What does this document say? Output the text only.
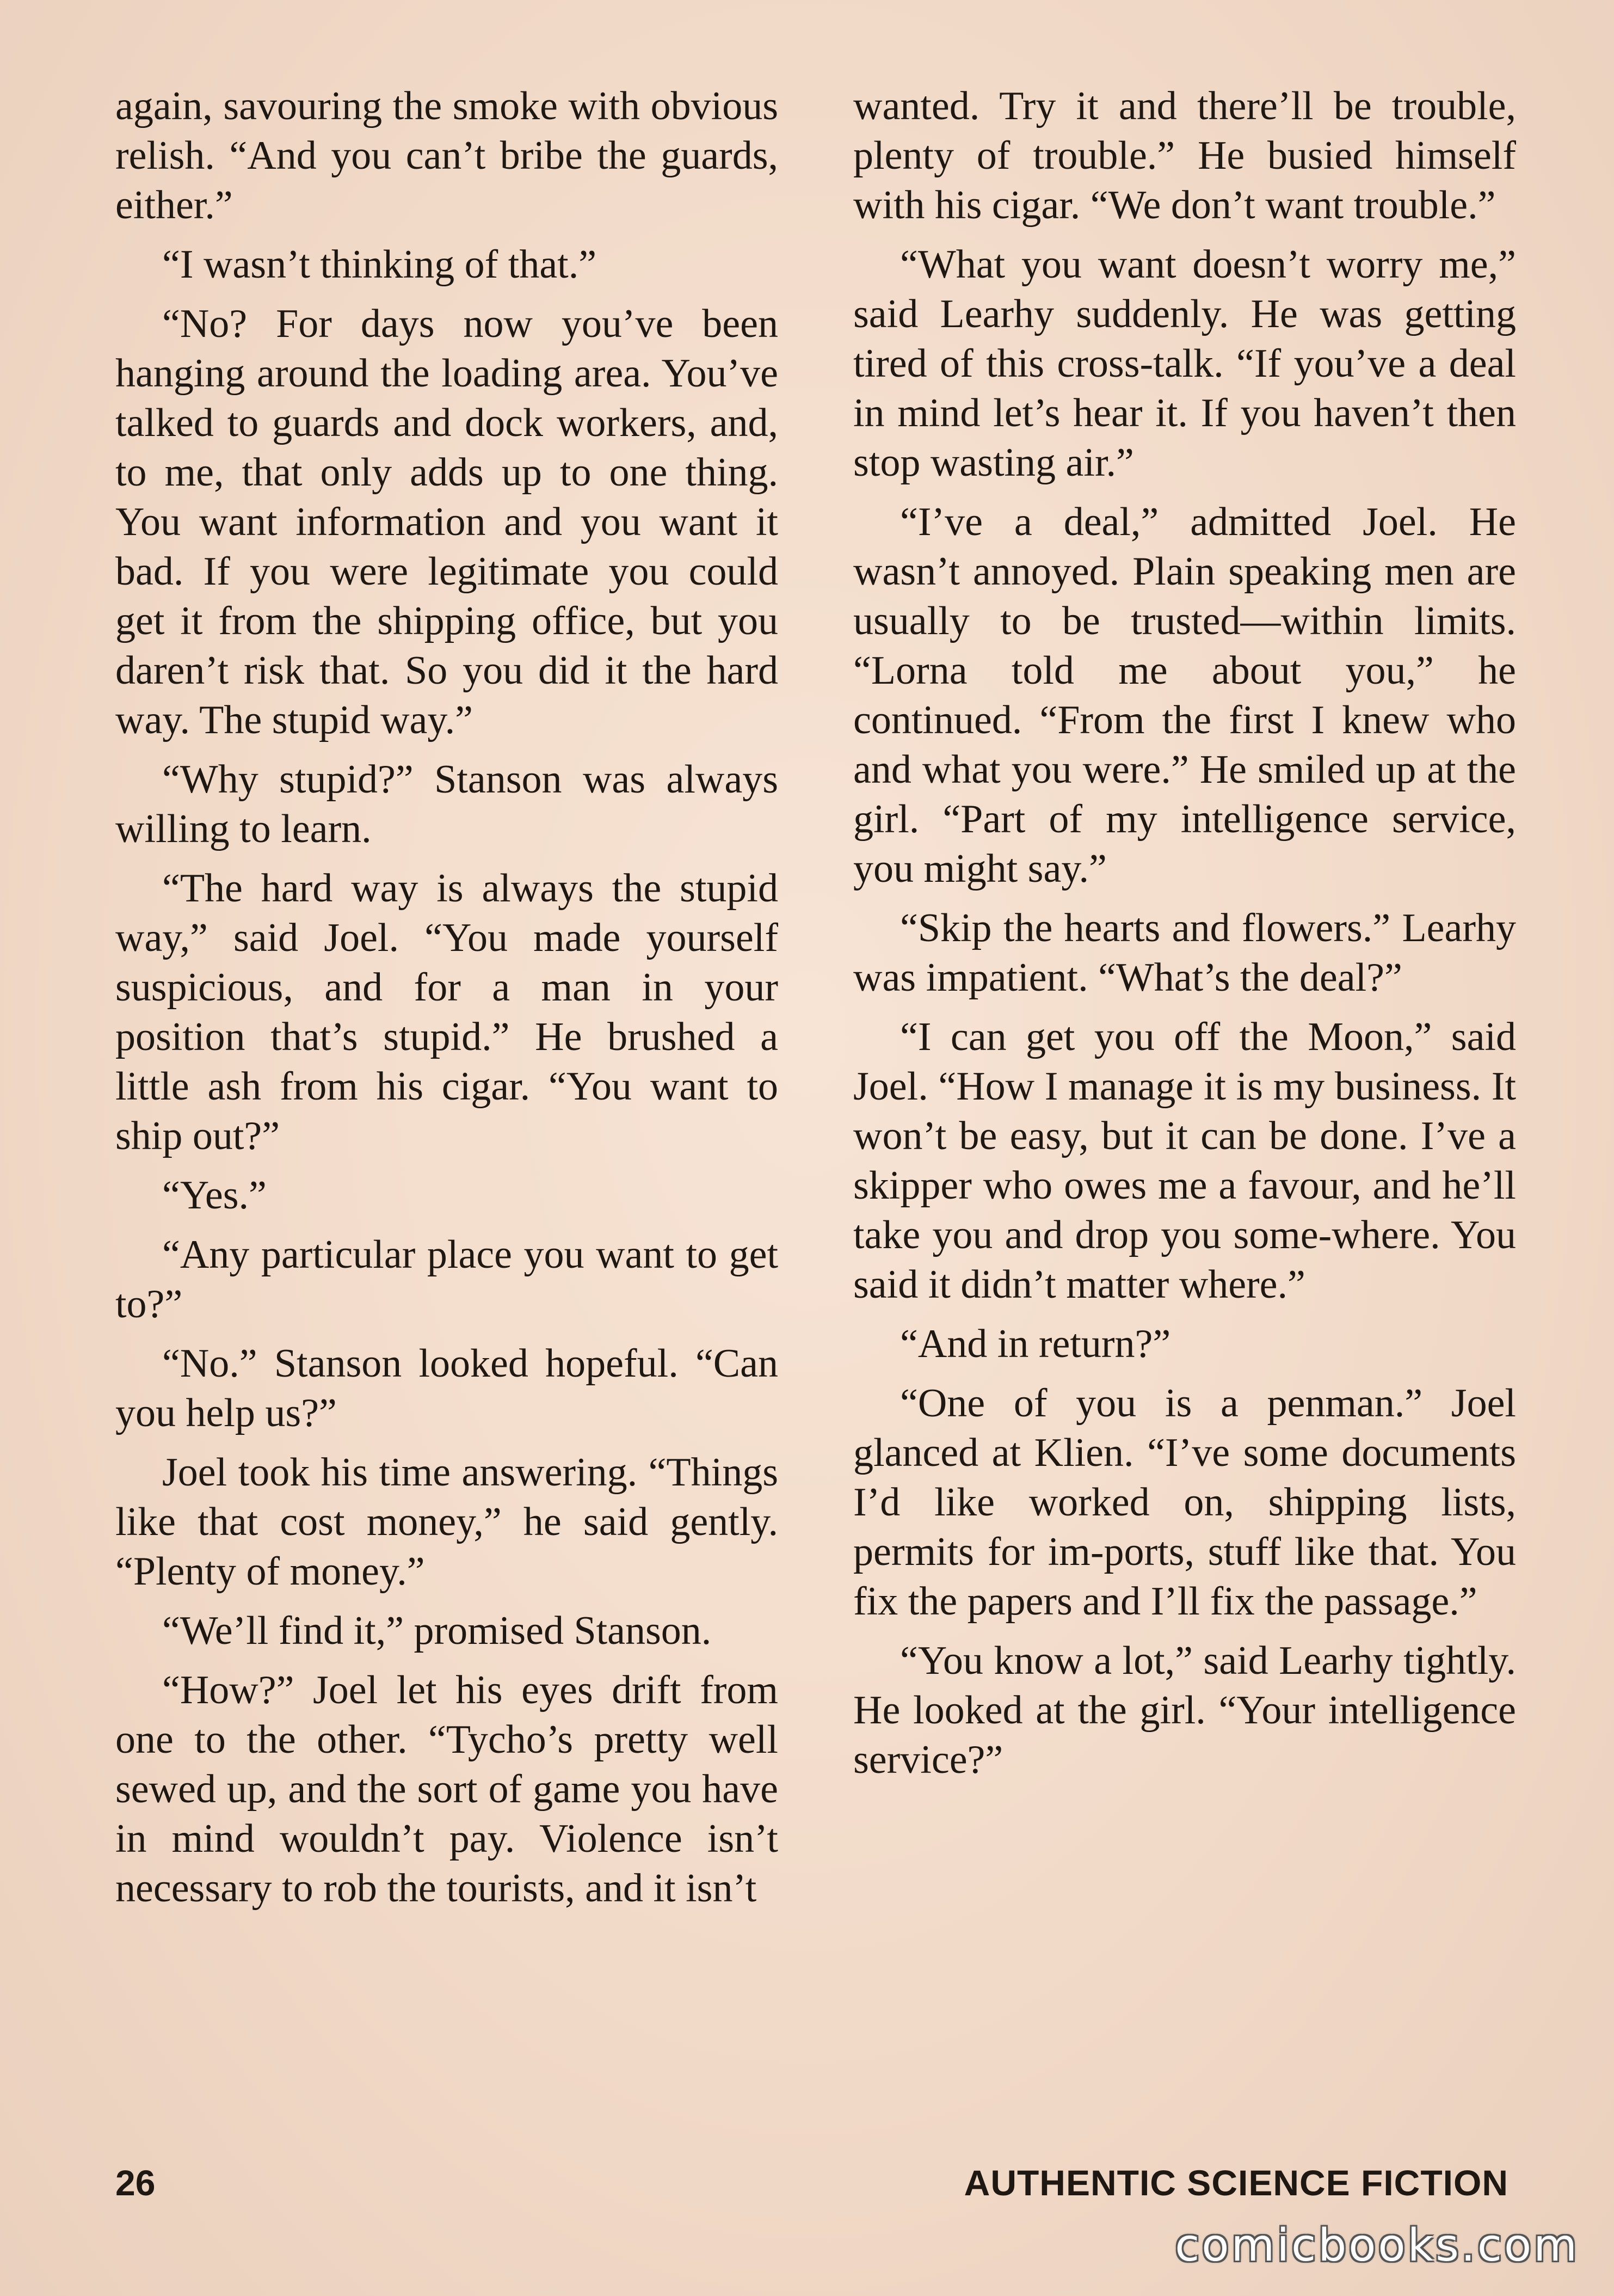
again, savouring the smoke with obvious relish. “And you can’t bribe the guards, either.”

“I wasn’t thinking of that.”

“No? For days now you’ve been hanging around the loading area. You’ve talked to guards and dock workers, and, to me, that only adds up to one thing. You want information and you want it bad. If you were legitimate you could get it from the shipping office, but you daren’t risk that. So you did it the hard way. The stupid way.”

“Why stupid?” Stanson was always willing to learn.

“The hard way is always the stupid way,” said Joel. “You made yourself suspicious, and for a man in your position that’s stupid.” He brushed a little ash from his cigar. “You want to ship out?”

“Yes.”

“Any particular place you want to get to?”

“No.” Stanson looked hopeful. “Can you help us?”

Joel took his time answering. “Things like that cost money,” he said gently. “Plenty of money.”

“We’ll find it,” promised Stanson.

“How?” Joel let his eyes drift from one to the other. “Tycho’s pretty well sewed up, and the sort of game you have in mind wouldn’t pay. Violence isn’t necessary to rob the tourists, and it isn’t

wanted. Try it and there’ll be trouble, plenty of trouble.” He busied himself with his cigar. “We don’t want trouble.”

“What you want doesn’t worry me,” said Learhy suddenly. He was getting tired of this cross-talk. “If you’ve a deal in mind let’s hear it. If you haven’t then stop wasting air.”

“I’ve a deal,” admitted Joel. He wasn’t annoyed. Plain speaking men are usually to be trusted—within limits. “Lorna told me about you,” he continued. “From the first I knew who and what you were.” He smiled up at the girl. “Part of my intelligence service, you might say.”

“Skip the hearts and flowers.” Learhy was impatient. “What’s the deal?”

“I can get you off the Moon,” said Joel. “How I manage it is my business. It won’t be easy, but it can be done. I’ve a skipper who owes me a favour, and he’ll take you and drop you some-where. You said it didn’t matter where.”

“And in return?”

“One of you is a penman.” Joel glanced at Klien. “I’ve some documents I’d like worked on, shipping lists, permits for im-ports, stuff like that. You fix the papers and I’ll fix the passage.”

“You know a lot,” said Learhy tightly. He looked at the girl. “Your intelligence service?”

26	AUTHENTIC SCIENCE FICTION
comicbooks.com
